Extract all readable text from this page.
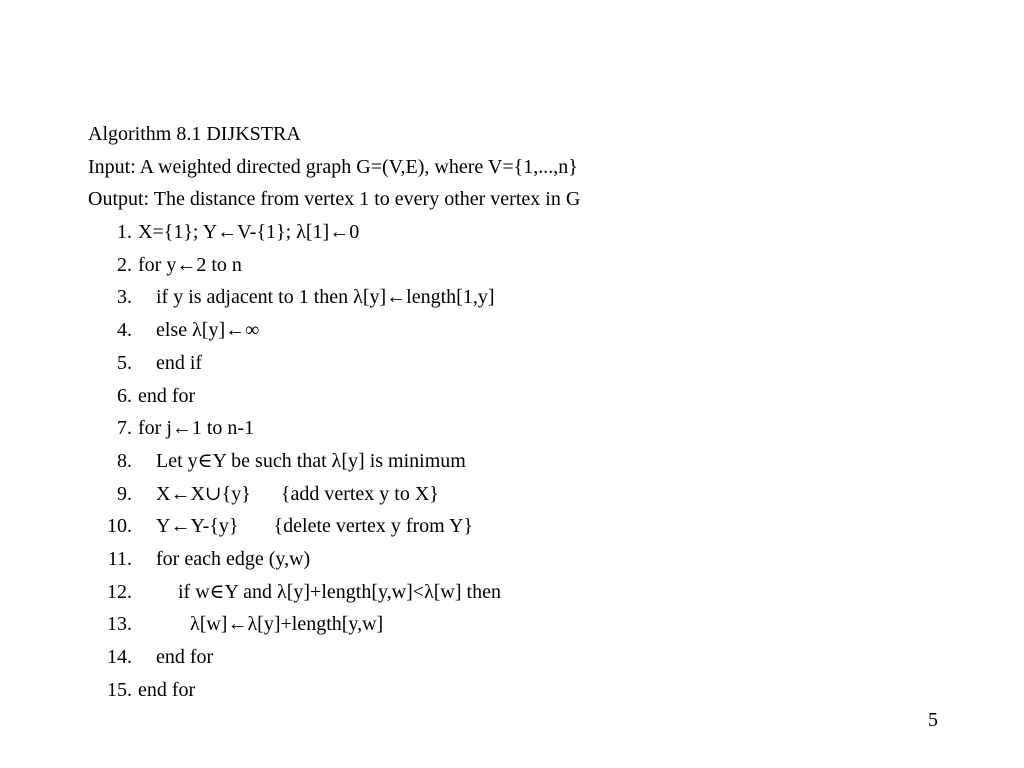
Algorithm 8.1 DIJKSTRA
Input: A weighted directed graph G=(V,E), where V={1,...,n}
Output: The distance from vertex 1 to every other vertex in G
1. X={1}; Y←V-{1}; λ[1]←0
2. for y←2 to n
3.	if y is adjacent to 1 then λ[y]←length[1,y]
4.	else λ[y]←∞
5.	end if
6. end for
7. for j←1 to n-1
8.	Let y∈Y be such that λ[y] is minimum
9.	X←X∪{y}      {add vertex y to X}
10.	Y←Y-{y}       {delete vertex y from Y}
11.	for each edge (y,w)
12.	if w∈Y and λ[y]+length[y,w]<λ[w] then
13.	λ[w]←λ[y]+length[y,w]
14.	end for
15. end for
5
